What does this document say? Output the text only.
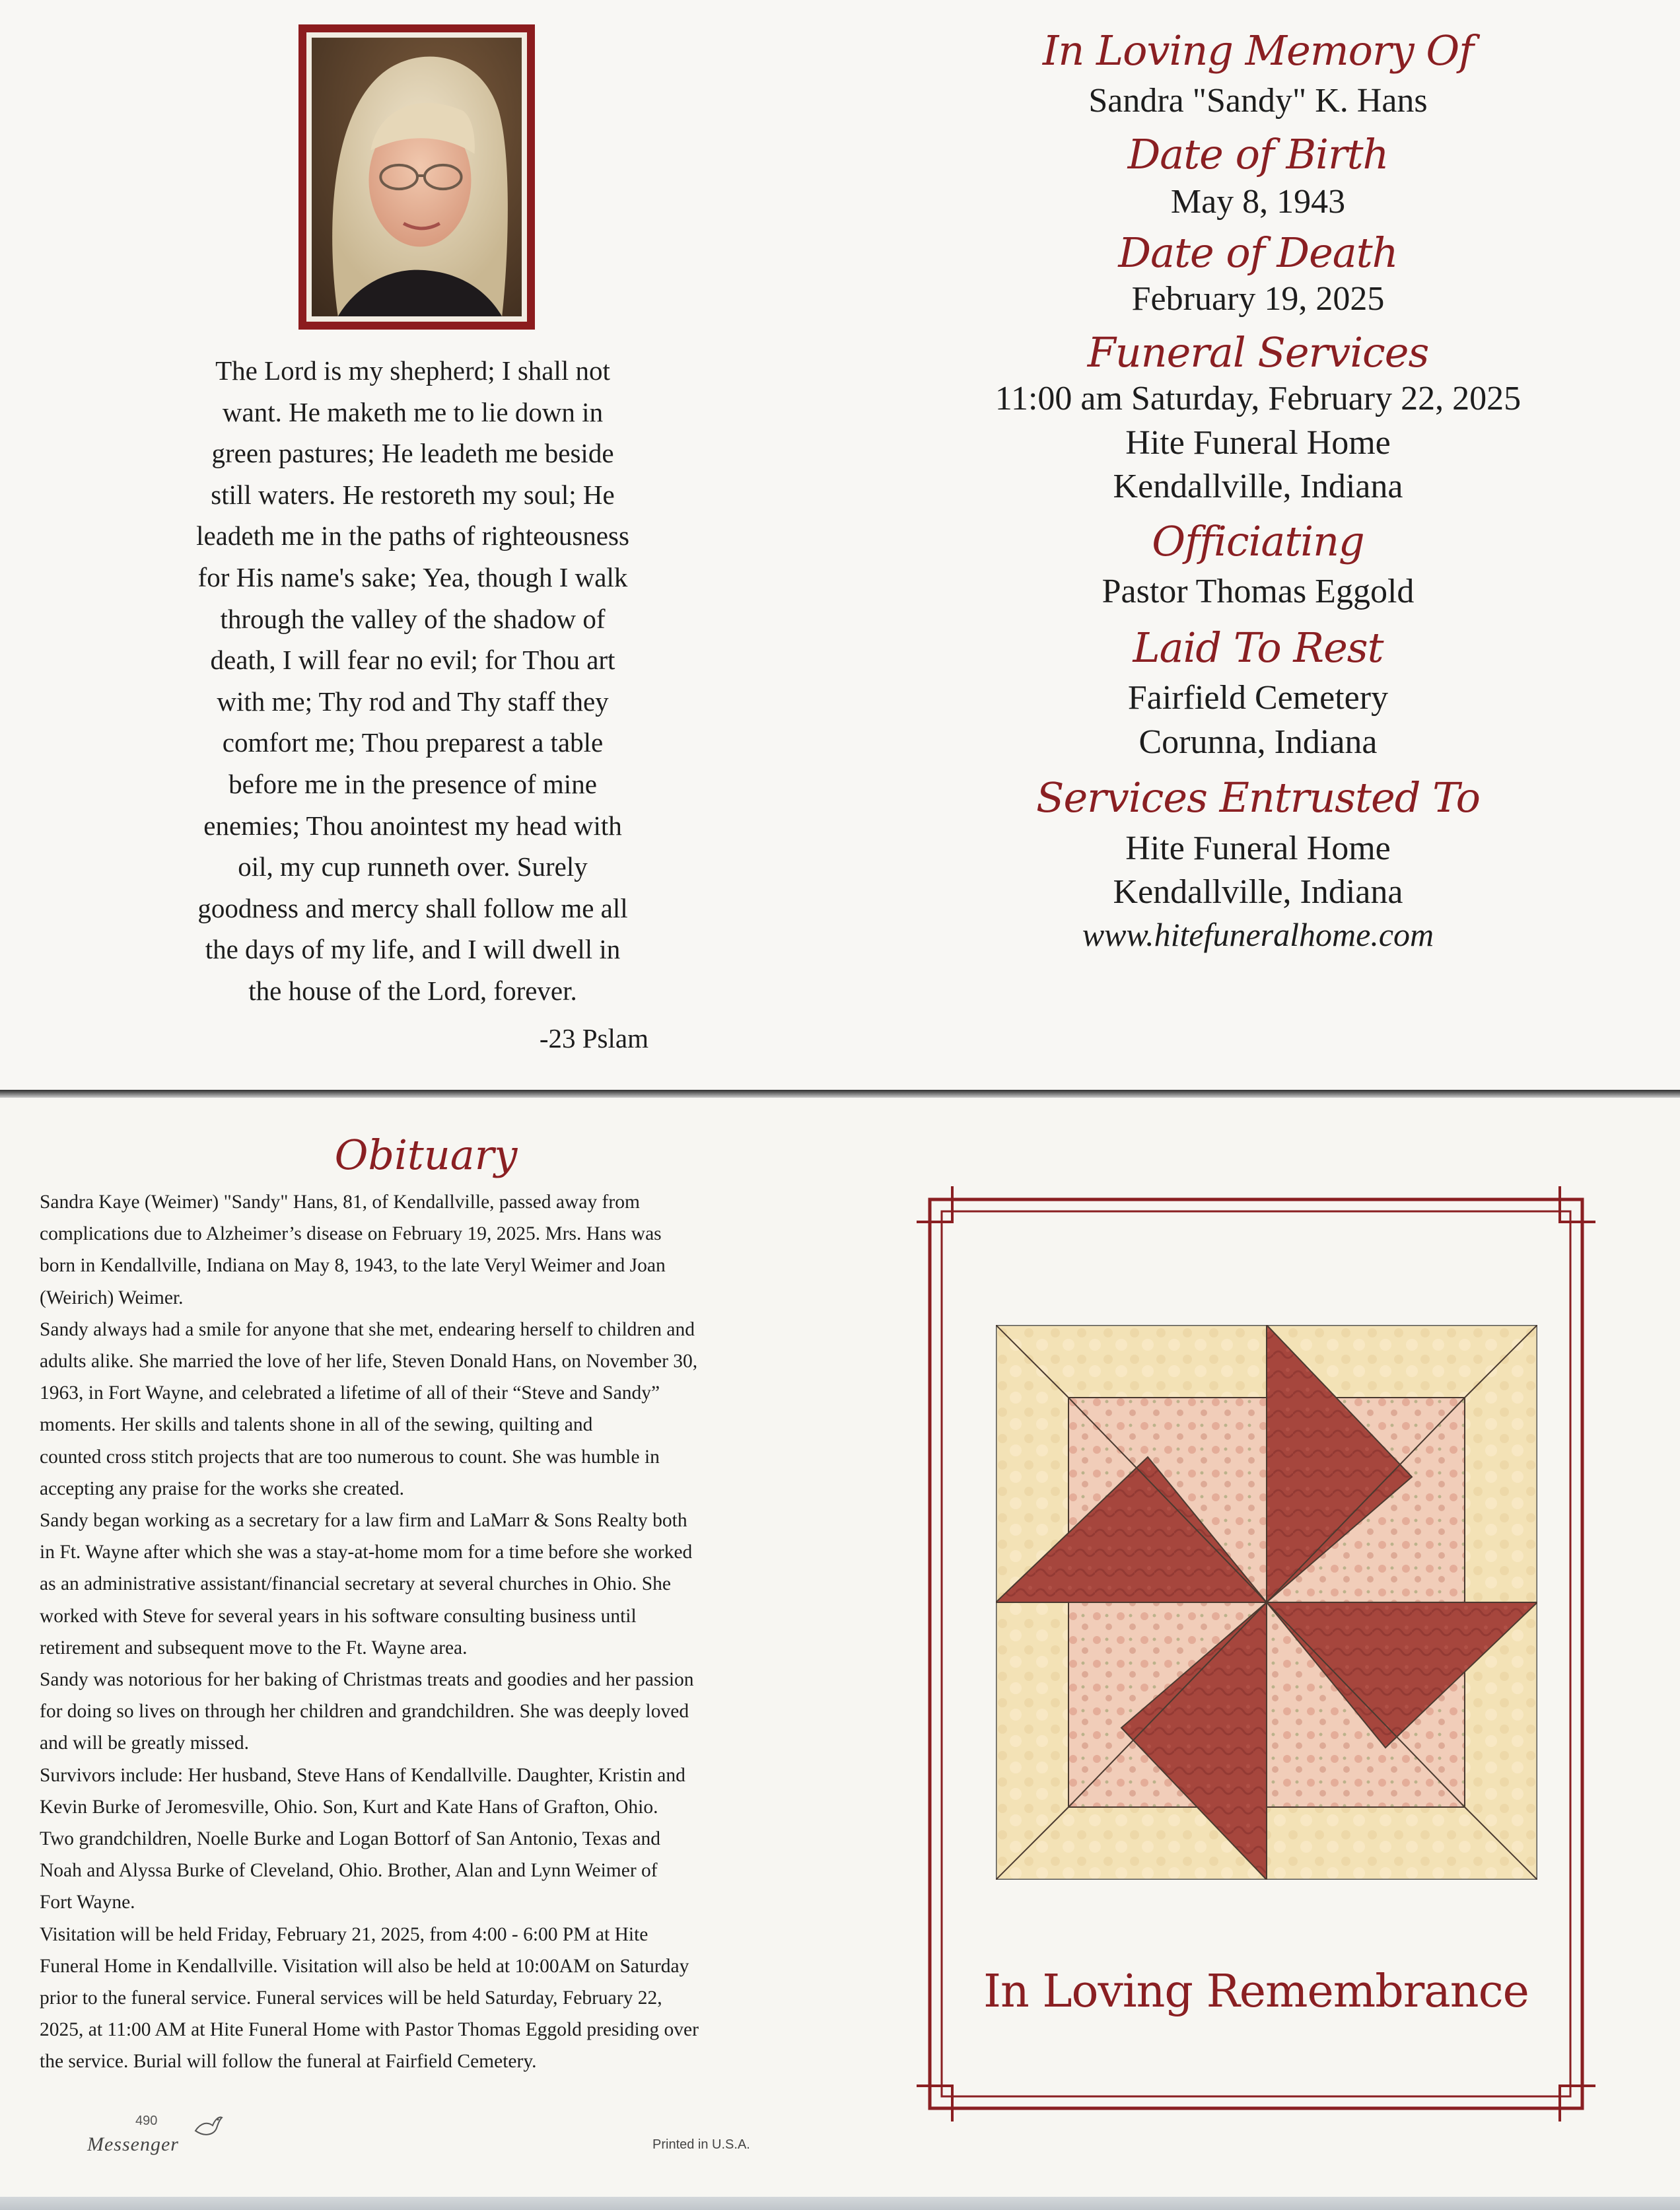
The Lord is my shepherd; I shall not

want. He maketh me to lie down in

green pastures; He leadeth me beside

still waters. He restoreth my soul; He

leadeth me in the paths of righteousness

for His name's sake; Yea, though I walk

through the valley of the shadow of

death, I will fear no evil; for Thou art

with me; Thy rod and Thy staff they

comfort me; Thou preparest a table

before me in the presence of mine

enemies; Thou anointest my head with

oil, my cup runneth over. Surely

goodness and mercy shall follow me all

the days of my life, and I will dwell in

the house of the Lord, forever.

-23 Pslam

In Loving Memory Of

Sandra "Sandy" K. Hans

Date of Birth

May 8, 1943

Date of Death

February 19, 2025

Funeral Services

11:00 am Saturday, February 22, 2025

Hite Funeral Home

Kendallville, Indiana

Officiating

Pastor Thomas Eggold

Laid To Rest

Fairfield Cemetery

Corunna, Indiana

Services Entrusted To

Hite Funeral Home

Kendallville, Indiana

www.hitefuneralhome.com

Obituary

Sandra Kaye (Weimer) "Sandy" Hans, 81, of Kendallville, passed away from

complications due to Alzheimer’s disease on February 19, 2025. Mrs. Hans was

born in Kendallville, Indiana on May 8, 1943, to the late Veryl Weimer and Joan

(Weirich) Weimer.

Sandy always had a smile for anyone that she met, endearing herself to children and

adults alike. She married the love of her life, Steven Donald Hans, on November 30,

1963, in Fort Wayne, and celebrated a lifetime of all of their “Steve and Sandy”

moments. Her skills and talents shone in all of the sewing, quilting and

counted cross stitch projects that are too numerous to count. She was humble in

accepting any praise for the works she created.

Sandy began working as a secretary for a law firm and LaMarr & Sons Realty both

in Ft. Wayne after which she was a stay-at-home mom for a time before she worked

as an administrative assistant/financial secretary at several churches in Ohio. She

worked with Steve for several years in his software consulting business until

retirement and subsequent move to the Ft. Wayne area.

Sandy was notorious for her baking of Christmas treats and goodies and her passion

for doing so lives on through her children and grandchildren. She was deeply loved

and will be greatly missed.

Survivors include: Her husband, Steve Hans of Kendallville. Daughter, Kristin and

Kevin Burke of Jeromesville, Ohio. Son, Kurt and Kate Hans of Grafton, Ohio.

Two grandchildren, Noelle Burke and Logan Bottorf of San Antonio, Texas and

Noah and Alyssa Burke of Cleveland, Ohio. Brother, Alan and Lynn Weimer of

Fort Wayne.

Visitation will be held Friday, February 21, 2025, from 4:00 - 6:00 PM at Hite

Funeral Home in Kendallville. Visitation will also be held at 10:00AM on Saturday

prior to the funeral service. Funeral services will be held Saturday, February 22,

2025, at 11:00 AM at Hite Funeral Home with Pastor Thomas Eggold presiding over

the service. Burial will follow the funeral at Fairfield Cemetery.

490
Messenger	Printed in U.S.A.

In Loving Remembrance
